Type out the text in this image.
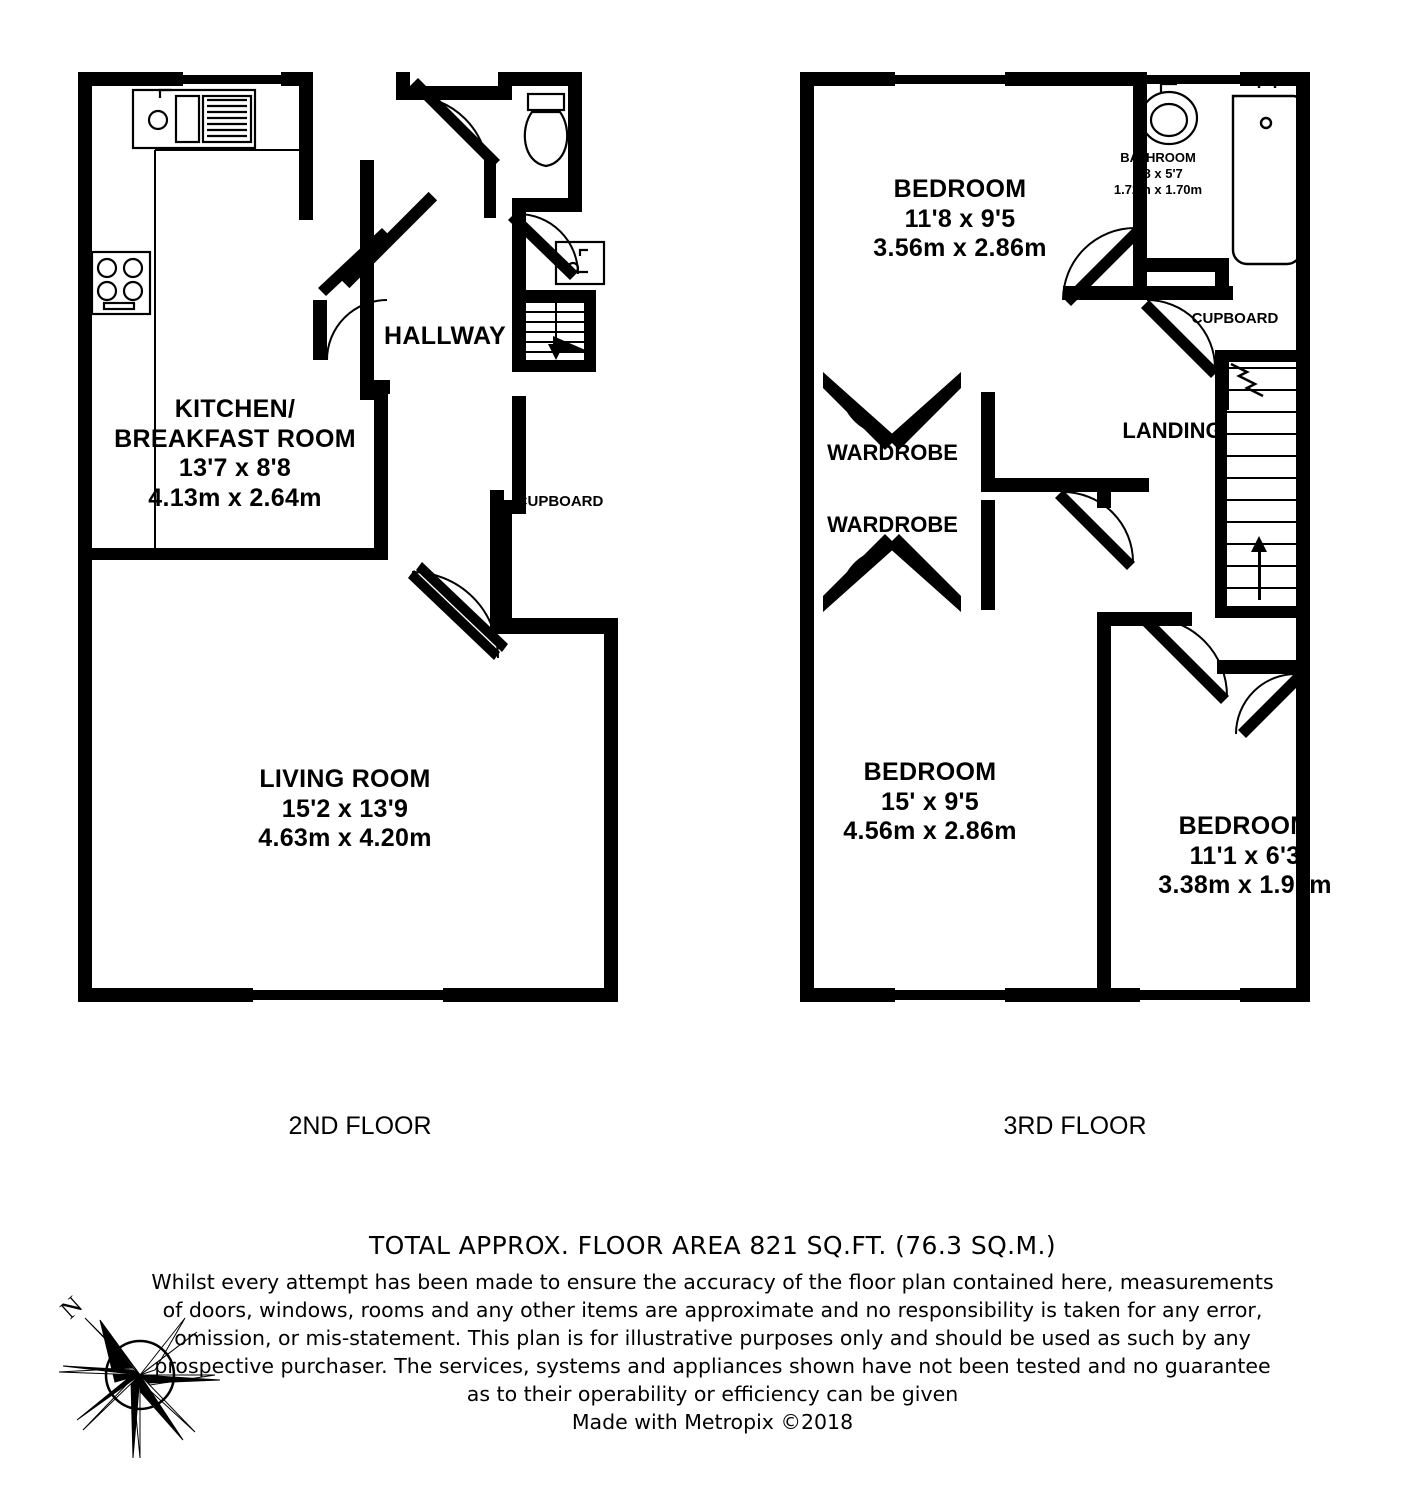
KITCHEN/
BREAKFAST ROOM
13'7 x 8'8
4.13m x 2.64m
HALLWAY
CUPBOARD
LIVING ROOM
15'2 x 13'9
4.63m x 4.20m
2ND FLOOR
BEDROOM
11'8 x 9'5
3.56m x 2.86m
BATHROOM
5'8 x 5'7
1.72m x 1.70m
CUPBOARD
LANDING
WARDROBE
WARDROBE
BEDROOM
15' x 9'5
4.56m x 2.86m	BEDROOM
11'1 x 6'3
3.38m x 1.90m
3RD FLOOR
N
TOTAL APPROX. FLOOR AREA 821 SQ.FT. (76.3 SQ.M.)
Whilst every attempt has been made to ensure the accuracy of the floor plan contained here, measurements
of doors, windows, rooms and any other items are approximate and no responsibility is taken for any error,
omission, or mis-statement. This plan is for illustrative purposes only and should be used as such by any
prospective purchaser. The services, systems and appliances shown have not been tested and no guarantee
as to their operability or efficiency can be given
Made with Metropix ©2018
